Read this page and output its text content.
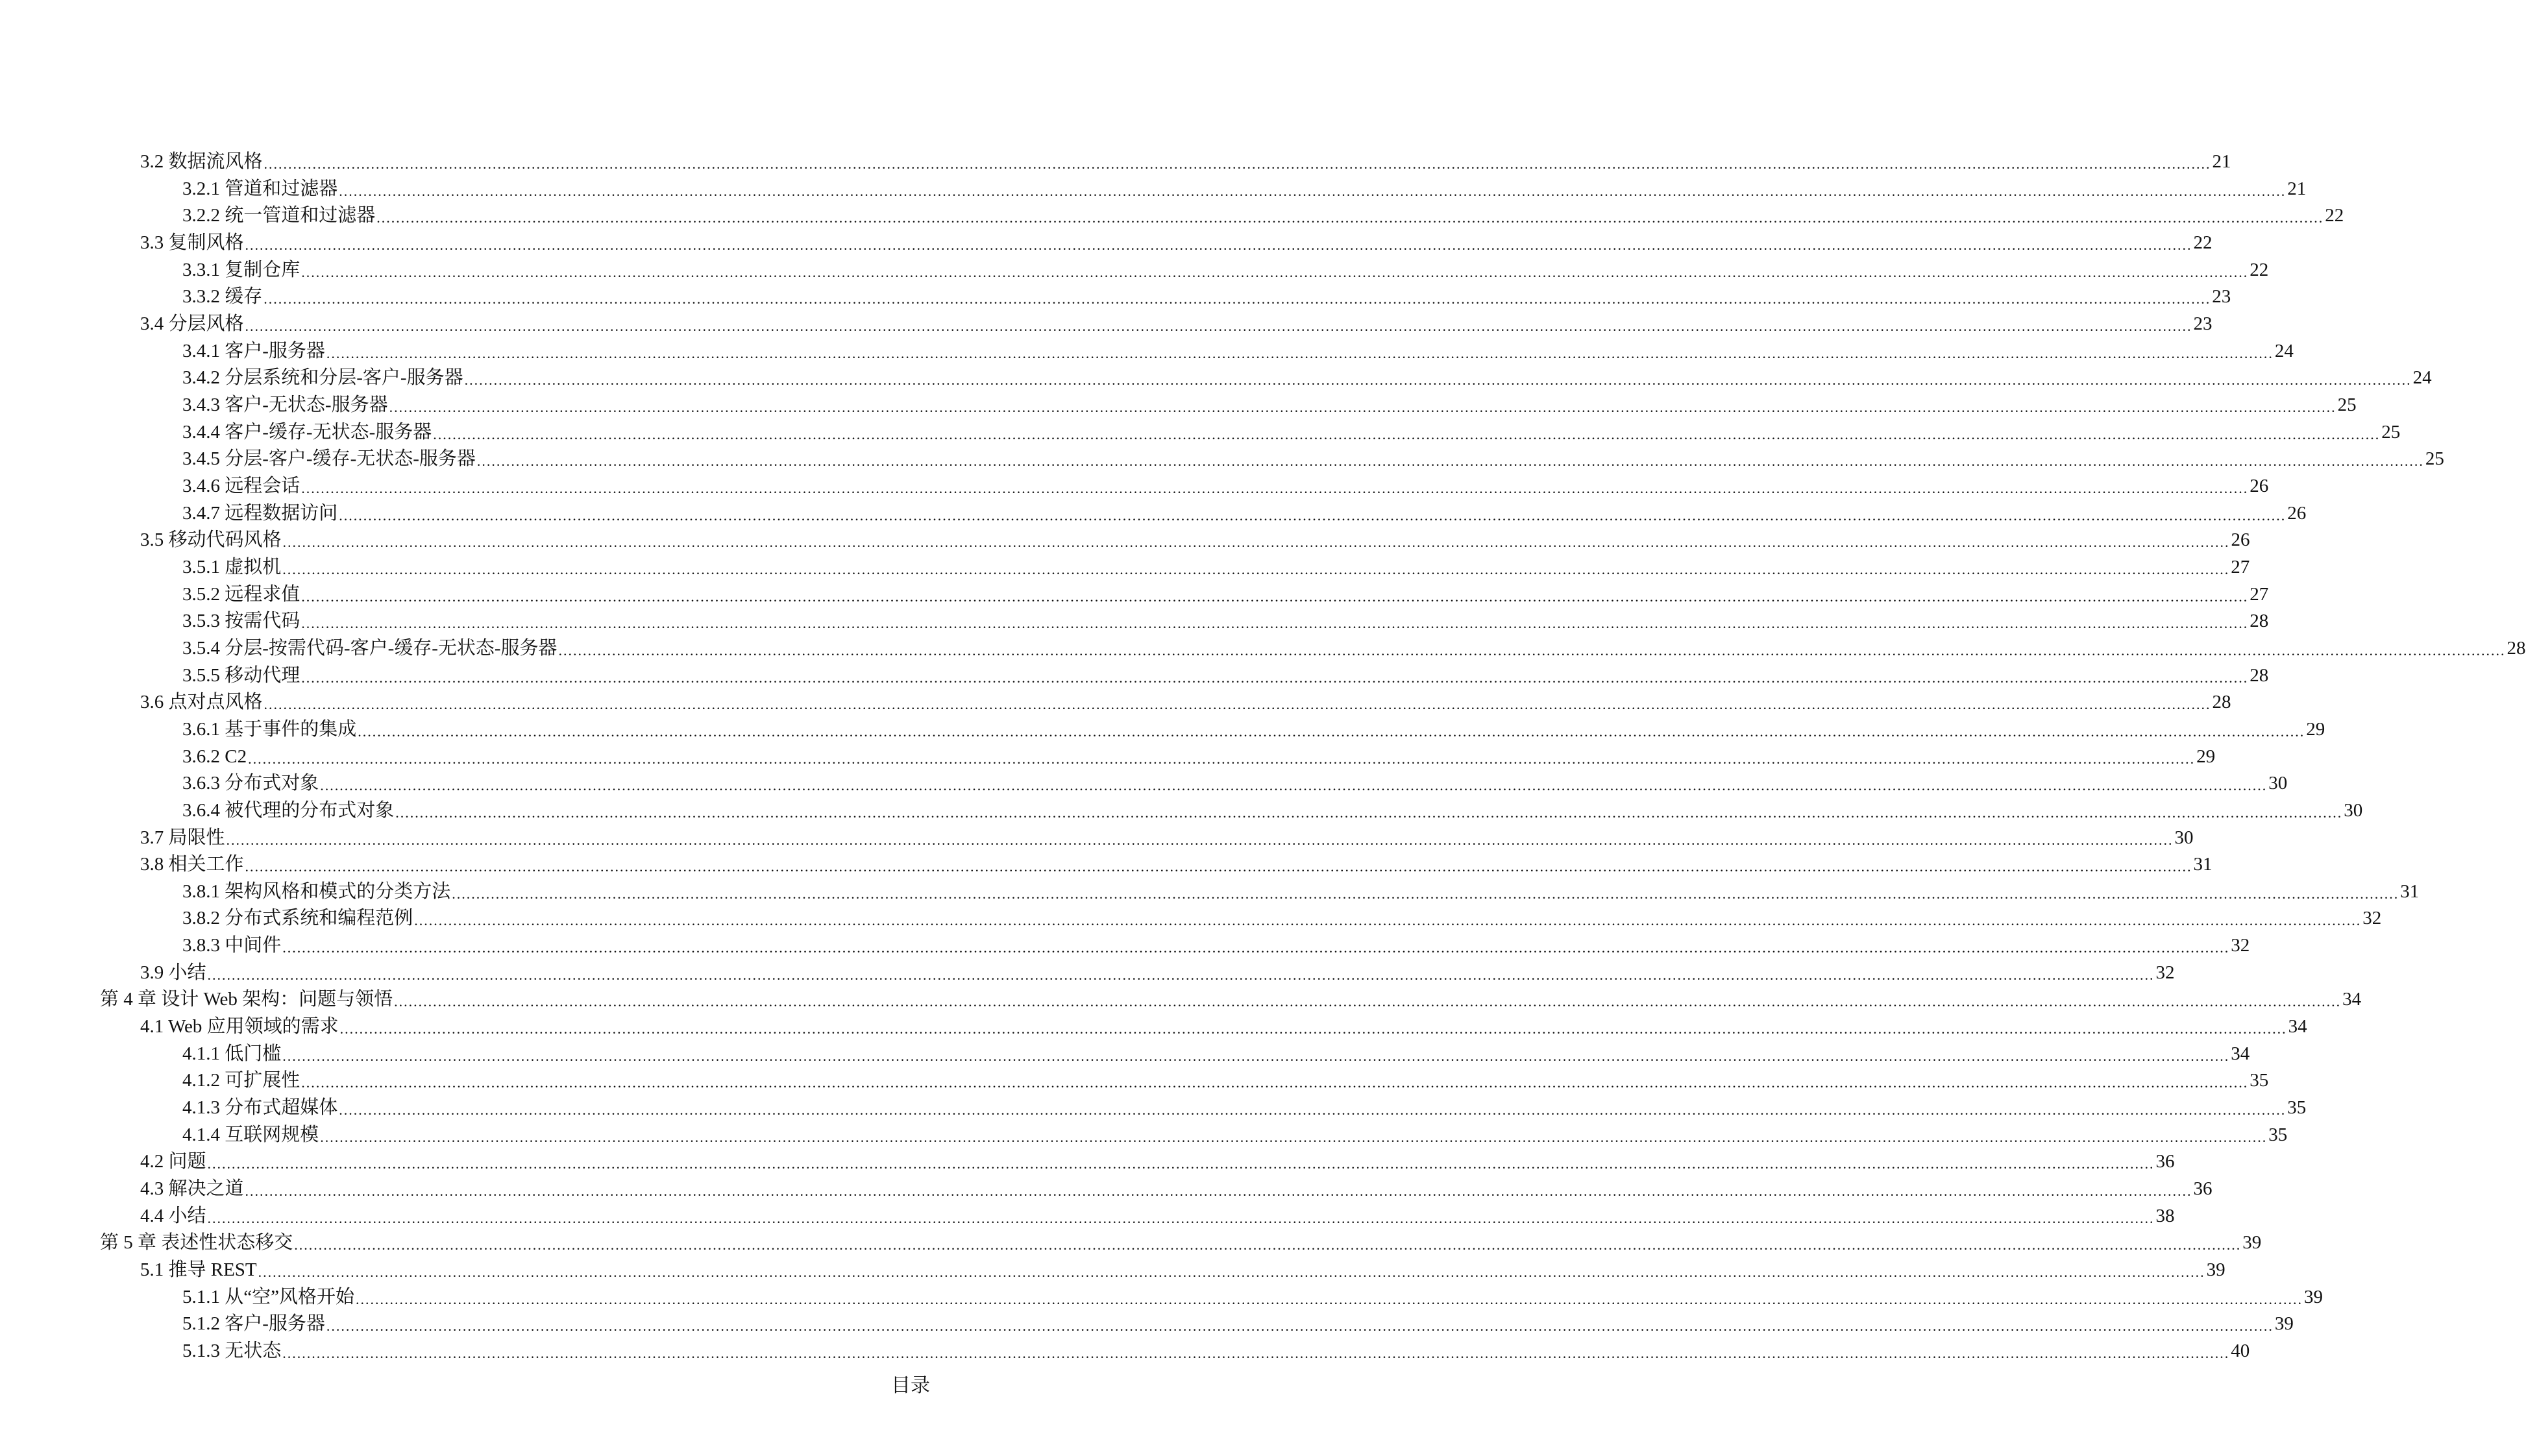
3.2 数据流风格 ................................................................................................................................................................................................................................................................................................................................................................................................................ 21
3.2.1 管道和过滤器 ................................................................................................................................................................................................................................................................................................................................................................................................................ 21
3.2.2 统一管道和过滤器 ................................................................................................................................................................................................................................................................................................................................................................................................................ 22
3.3 复制风格 ................................................................................................................................................................................................................................................................................................................................................................................................................ 22
3.3.1 复制仓库 ................................................................................................................................................................................................................................................................................................................................................................................................................ 22
3.3.2 缓存 ................................................................................................................................................................................................................................................................................................................................................................................................................ 23
3.4 分层风格 ................................................................................................................................................................................................................................................................................................................................................................................................................ 23
3.4.1 客户-服务器 ................................................................................................................................................................................................................................................................................................................................................................................................................ 24
3.4.2 分层系统和分层-客户-服务器 ................................................................................................................................................................................................................................................................................................................................................................................................................ 24
3.4.3 客户-无状态-服务器 ................................................................................................................................................................................................................................................................................................................................................................................................................ 25
3.4.4 客户-缓存-无状态-服务器 ................................................................................................................................................................................................................................................................................................................................................................................................................ 25
3.4.5 分层-客户-缓存-无状态-服务器 ................................................................................................................................................................................................................................................................................................................................................................................................................ 25
3.4.6 远程会话 ................................................................................................................................................................................................................................................................................................................................................................................................................ 26
3.4.7 远程数据访问 ................................................................................................................................................................................................................................................................................................................................................................................................................ 26
3.5 移动代码风格 ................................................................................................................................................................................................................................................................................................................................................................................................................ 26
3.5.1 虚拟机 ................................................................................................................................................................................................................................................................................................................................................................................................................ 27
3.5.2 远程求值 ................................................................................................................................................................................................................................................................................................................................................................................................................ 27
3.5.3 按需代码 ................................................................................................................................................................................................................................................................................................................................................................................................................ 28
3.5.4 分层-按需代码-客户-缓存-无状态-服务器 ................................................................................................................................................................................................................................................................................................................................................................................................................ 28
3.5.5 移动代理 ................................................................................................................................................................................................................................................................................................................................................................................................................ 28
3.6 点对点风格 ................................................................................................................................................................................................................................................................................................................................................................................................................ 28
3.6.1 基于事件的集成 ................................................................................................................................................................................................................................................................................................................................................................................................................ 29
3.6.2 C2 ................................................................................................................................................................................................................................................................................................................................................................................................................ 29
3.6.3 分布式对象 ................................................................................................................................................................................................................................................................................................................................................................................................................ 30
3.6.4 被代理的分布式对象 ................................................................................................................................................................................................................................................................................................................................................................................................................ 30
3.7 局限性 ................................................................................................................................................................................................................................................................................................................................................................................................................ 30
3.8 相关工作 ................................................................................................................................................................................................................................................................................................................................................................................................................ 31
3.8.1 架构风格和模式的分类方法 ................................................................................................................................................................................................................................................................................................................................................................................................................ 31
3.8.2 分布式系统和编程范例 ................................................................................................................................................................................................................................................................................................................................................................................................................ 32
3.8.3 中间件 ................................................................................................................................................................................................................................................................................................................................................................................................................ 32
3.9 小结 ................................................................................................................................................................................................................................................................................................................................................................................................................ 32
第 4 章 设计 Web 架构：问题与领悟 ................................................................................................................................................................................................................................................................................................................................................................................................................ 34
4.1 Web 应用领域的需求 ................................................................................................................................................................................................................................................................................................................................................................................................................ 34
4.1.1 低门槛 ................................................................................................................................................................................................................................................................................................................................................................................................................ 34
4.1.2 可扩展性 ................................................................................................................................................................................................................................................................................................................................................................................................................ 35
4.1.3 分布式超媒体 ................................................................................................................................................................................................................................................................................................................................................................................................................ 35
4.1.4 互联网规模 ................................................................................................................................................................................................................................................................................................................................................................................................................ 35
4.2 问题 ................................................................................................................................................................................................................................................................................................................................................................................................................ 36
4.3 解决之道 ................................................................................................................................................................................................................................................................................................................................................................................................................ 36
4.4 小结 ................................................................................................................................................................................................................................................................................................................................................................................................................ 38
第 5 章 表述性状态移交 ................................................................................................................................................................................................................................................................................................................................................................................................................ 39
5.1 推导 REST ................................................................................................................................................................................................................................................................................................................................................................................................................ 39
5.1.1 从“空”风格开始 ................................................................................................................................................................................................................................................................................................................................................................................................................ 39
5.1.2 客户-服务器 ................................................................................................................................................................................................................................................................................................................................................................................................................ 39
5.1.3 无状态 ................................................................................................................................................................................................................................................................................................................................................................................................................ 40
目录
